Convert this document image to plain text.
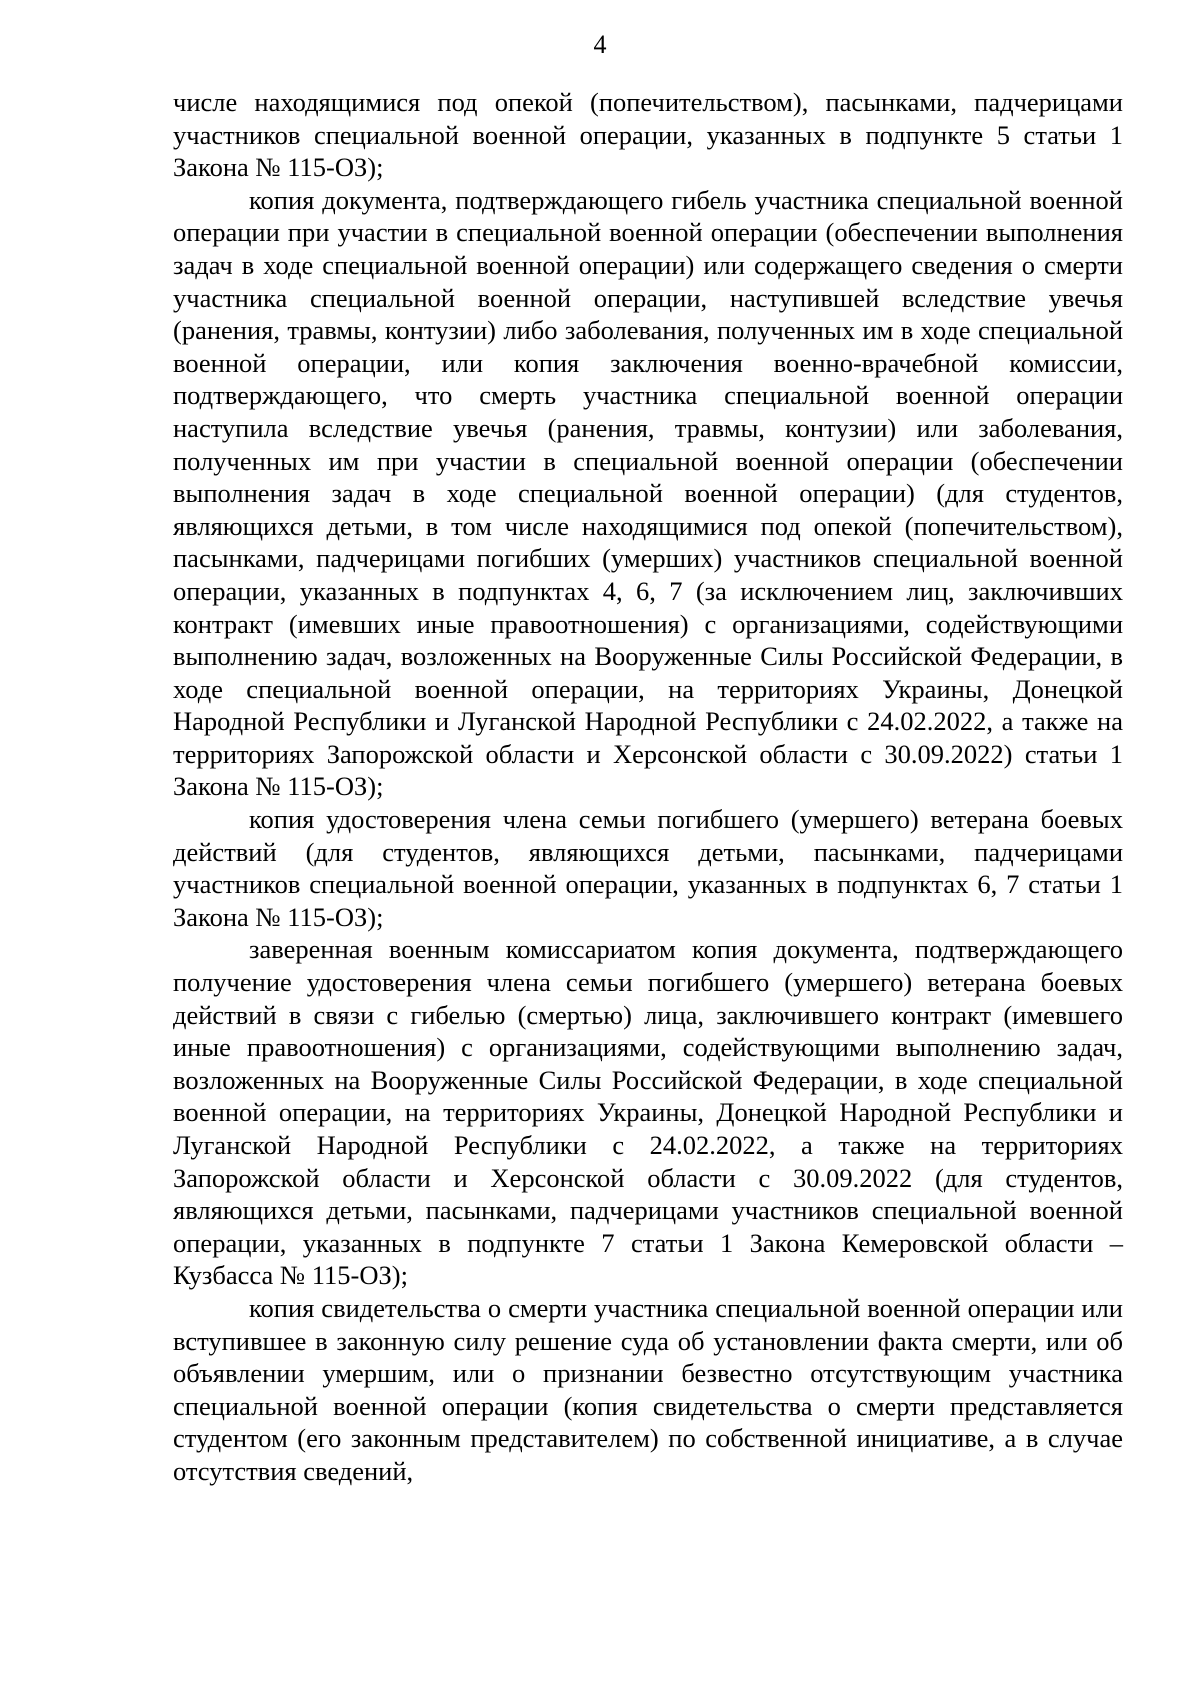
4

числе находящимися под опекой (попечительством), пасынками, падчерицами участников специальной военной операции, указанных в подпункте 5 статьи 1 Закона № 115-ОЗ);

копия документа, подтверждающего гибель участника специальной военной операции при участии в специальной военной операции (обеспечении выполнения задач в ходе специальной военной операции) или содержащего сведения о смерти участника специальной военной операции, наступившей вследствие увечья (ранения, травмы, контузии) либо заболевания, полученных им в ходе специальной военной операции, или копия заключения военно-врачебной комиссии, подтверждающего, что смерть участника специальной военной операции наступила вследствие увечья (ранения, травмы, контузии) или заболевания, полученных им при участии в специальной военной операции (обеспечении выполнения задач в ходе специальной военной операции) (для студентов, являющихся детьми, в том числе находящимися под опекой (попечительством), пасынками, падчерицами погибших (умерших) участников специальной военной операции, указанных в подпунктах 4, 6, 7 (за исключением лиц, заключивших контракт (имевших иные правоотношения) с организациями, содействующими выполнению задач, возложенных на Вооруженные Силы Российской Федерации, в ходе специальной военной операции, на территориях Украины, Донецкой Народной Республики и Луганской Народной Республики с 24.02.2022, а также на территориях Запорожской области и Херсонской области с 30.09.2022) статьи 1 Закона № 115-ОЗ);

копия удостоверения члена семьи погибшего (умершего) ветерана боевых действий (для студентов, являющихся детьми, пасынками, падчерицами участников специальной военной операции, указанных в подпунктах 6, 7 статьи 1 Закона № 115-ОЗ);

заверенная военным комиссариатом копия документа, подтверждающего получение удостоверения члена семьи погибшего (умершего) ветерана боевых действий в связи с гибелью (смертью) лица, заключившего контракт (имевшего иные правоотношения) с организациями, содействующими выполнению задач, возложенных на Вооруженные Силы Российской Федерации, в ходе специальной военной операции, на территориях Украины, Донецкой Народной Республики и Луганской Народной Республики с 24.02.2022, а также на территориях Запорожской области и Херсонской области с 30.09.2022 (для студентов, являющихся детьми, пасынками, падчерицами участников специальной военной операции, указанных в подпункте 7 статьи 1 Закона Кемеровской области – Кузбасса № 115-ОЗ);

копия свидетельства о смерти участника специальной военной операции или вступившее в законную силу решение суда об установлении факта смерти, или об объявлении умершим, или о признании безвестно отсутствующим участника специальной военной операции (копия свидетельства о смерти представляется студентом (его законным представителем) по собственной инициативе, а в случае отсутствия сведений,
